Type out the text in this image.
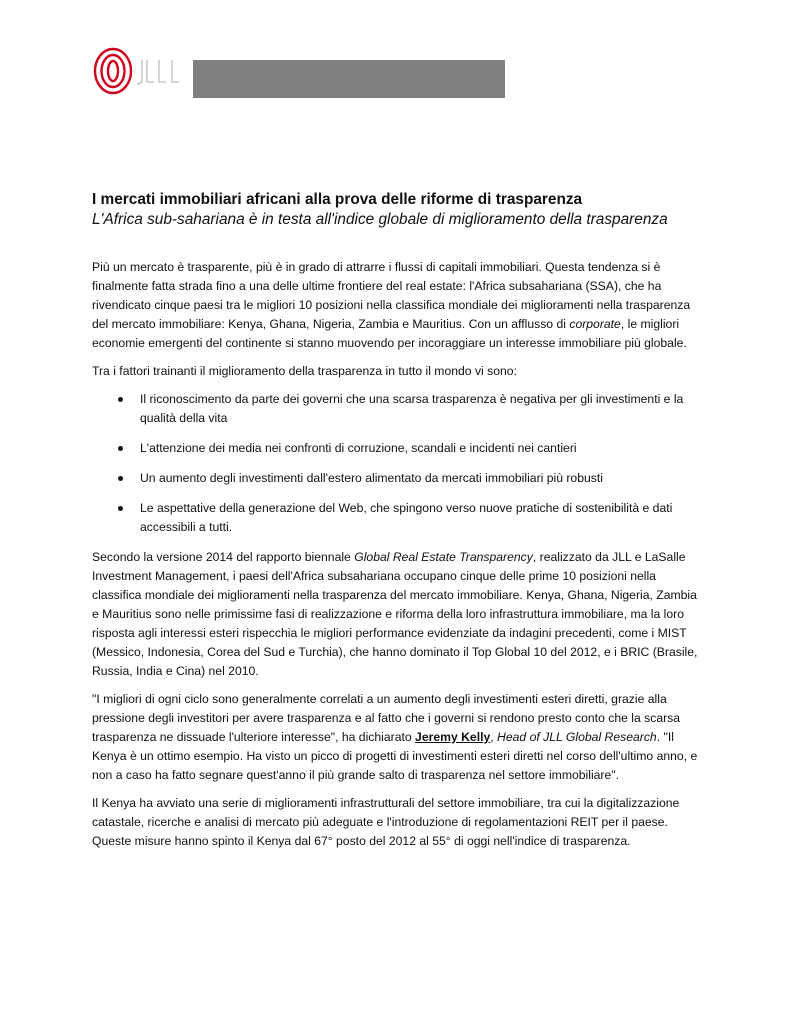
I mercati immobiliari africani alla prova delle riforme di trasparenza
L'Africa sub-sahariana è in testa all'indice globale di miglioramento della trasparenza

Più un mercato è trasparente, più è in grado di attrarre i flussi di capitali immobiliari. Questa tendenza si è finalmente fatta strada fino a una delle ultime frontiere del real estate: l'Africa subsahariana (SSA), che ha rivendicato cinque paesi tra le migliori 10 posizioni nella classifica mondiale dei miglioramenti nella trasparenza del mercato immobiliare: Kenya, Ghana, Nigeria, Zambia e Mauritius. Con un afflusso di corporate, le migliori economie emergenti del continente si stanno muovendo per incoraggiare un interesse immobiliare più globale.

Tra i fattori trainanti il miglioramento della trasparenza in tutto il mondo vi sono:

Il riconoscimento da parte dei governi che una scarsa trasparenza è negativa per gli investimenti e la qualità della vita
L'attenzione dei media nei confronti di corruzione, scandali e incidenti nei cantieri
Un aumento degli investimenti dall'estero alimentato da mercati immobiliari più robusti
Le aspettative della generazione del Web, che spingono verso nuove pratiche di sostenibilità e dati accessibili a tutti.

Secondo la versione 2014 del rapporto biennale Global Real Estate Transparency, realizzato da JLL e LaSalle Investment Management, i paesi dell'Africa subsahariana occupano cinque delle prime 10 posizioni nella classifica mondiale dei miglioramenti nella trasparenza del mercato immobiliare. Kenya, Ghana, Nigeria, Zambia e Mauritius sono nelle primissime fasi di realizzazione e riforma della loro infrastruttura immobiliare, ma la loro risposta agli interessi esteri rispecchia le migliori performance evidenziate da indagini precedenti, come i MIST (Messico, Indonesia, Corea del Sud e Turchia), che hanno dominato il Top Global 10 del 2012, e i BRIC (Brasile, Russia, India e Cina) nel 2010.

"I migliori di ogni ciclo sono generalmente correlati a un aumento degli investimenti esteri diretti, grazie alla pressione degli investitori per avere trasparenza e al fatto che i governi si rendono presto conto che la scarsa trasparenza ne dissuade l'ulteriore interesse", ha dichiarato Jeremy Kelly, Head of JLL Global Research. "Il Kenya è un ottimo esempio. Ha visto un picco di progetti di investimenti esteri diretti nel corso dell'ultimo anno, e non a caso ha fatto segnare quest'anno il più grande salto di trasparenza nel settore immobiliare".

Il Kenya ha avviato una serie di miglioramenti infrastrutturali del settore immobiliare, tra cui la digitalizzazione catastale, ricerche e analisi di mercato più adeguate e l'introduzione di regolamentazioni REIT per il paese. Queste misure hanno spinto il Kenya dal 67° posto del 2012 al 55° di oggi nell'indice di trasparenza.
